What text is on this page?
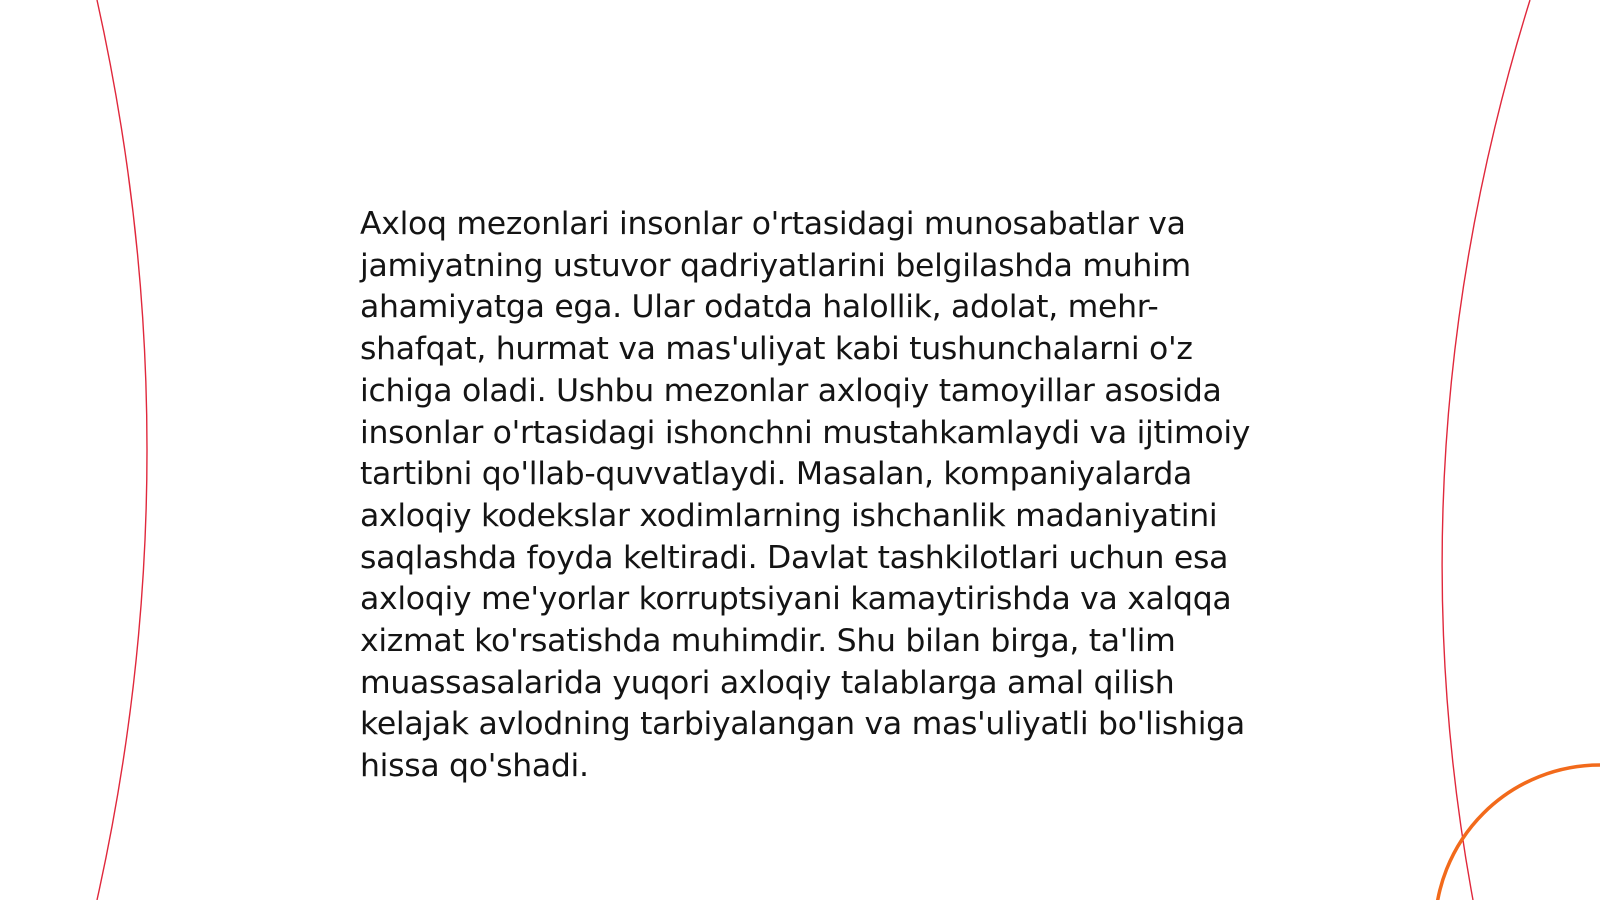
Axloq mezonlari insonlar o'rtasidagi munosabatlar va jamiyatning ustuvor qadriyatlarini belgilashda muhim ahamiyatga ega. Ular odatda halollik, adolat, mehr-shafqat, hurmat va mas'uliyat kabi tushunchalarni o'z ichiga oladi. Ushbu mezonlar axloqiy tamoyillar asosida insonlar o'rtasidagi ishonchni mustahkamlaydi va ijtimoiy tartibni qo'llab-quvvatlaydi. Masalan, kompaniyalarda axloqiy kodekslar xodimlarning ishchanlik madaniyatini saqlashda foyda keltiradi. Davlat tashkilotlari uchun esa axloqiy me'yorlar korruptsiyani kamaytirishda va xalqqa xizmat ko'rsatishda muhimdir. Shu bilan birga, ta'lim muassasalarida yuqori axloqiy talablarga amal qilish kelajak avlodning tarbiyalangan va mas'uliyatli bo'lishiga hissa qo'shadi.
